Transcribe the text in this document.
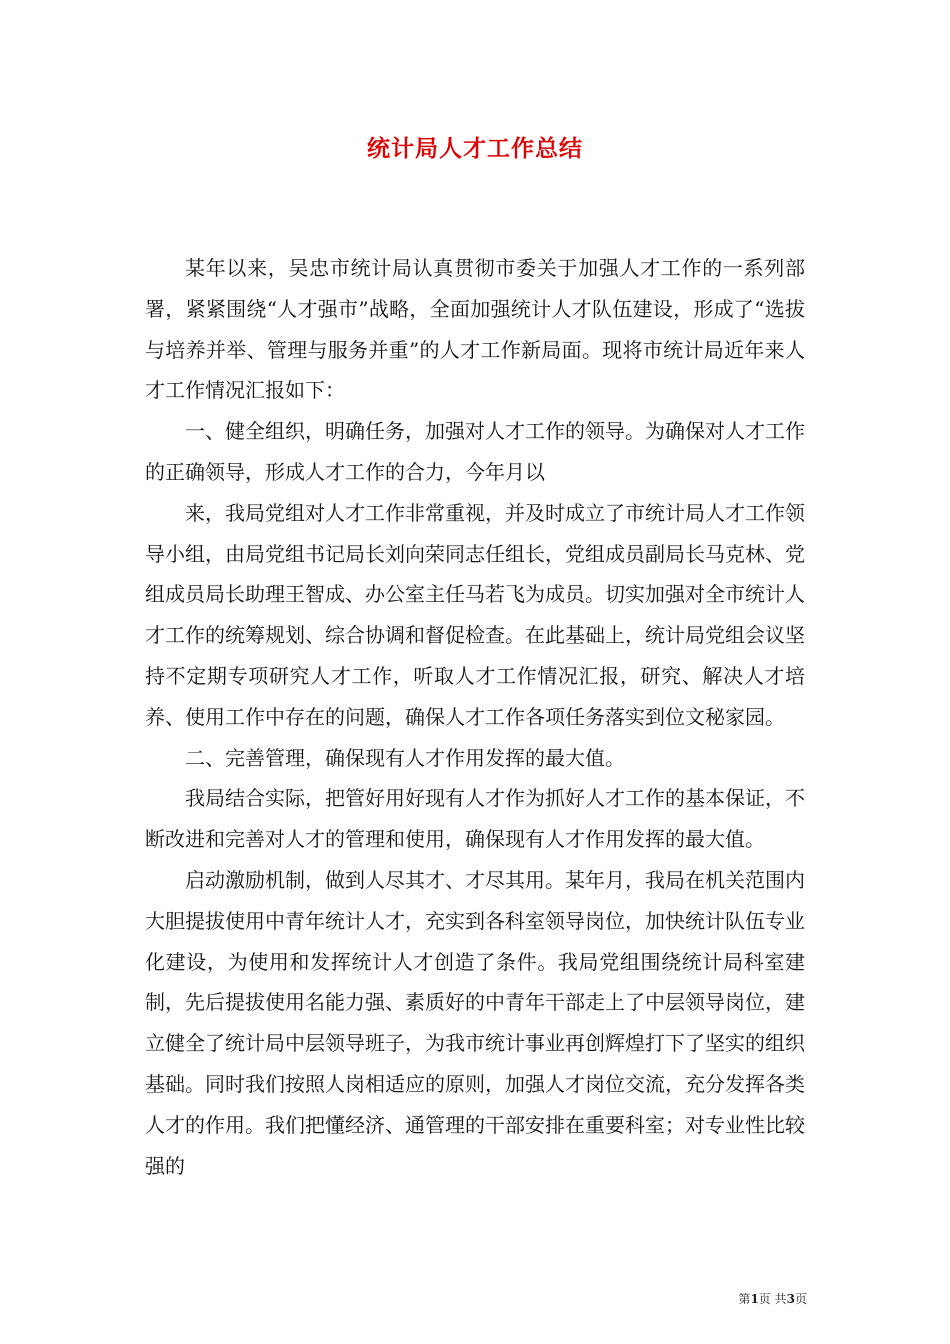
统计局人才工作总结

某年以来，吴忠市统计局认真贯彻市委关于加强人才工作的一系列部署，紧紧围绕“人才强市”战略，全面加强统计人才队伍建设，形成了“选拔与培养并举、管理与服务并重”的人才工作新局面。现将市统计局近年来人才工作情况汇报如下：

一、健全组织，明确任务，加强对人才工作的领导。为确保对人才工作的正确领导，形成人才工作的合力，今年月以

来，我局党组对人才工作非常重视，并及时成立了市统计局人才工作领导小组，由局党组书记局长刘向荣同志任组长，党组成员副局长马克林、党组成员局长助理王智成、办公室主任马若飞为成员。切实加强对全市统计人才工作的统筹规划、综合协调和督促检查。在此基础上，统计局党组会议坚持不定期专项研究人才工作，听取人才工作情况汇报，研究、解决人才培养、使用工作中存在的问题，确保人才工作各项任务落实到位文秘家园。

二、完善管理，确保现有人才作用发挥的最大值。

我局结合实际，把管好用好现有人才作为抓好人才工作的基本保证，不断改进和完善对人才的管理和使用，确保现有人才作用发挥的最大值。

启动激励机制，做到人尽其才、才尽其用。某年月，我局在机关范围内大胆提拔使用中青年统计人才，充实到各科室领导岗位，加快统计队伍专业化建设，为使用和发挥统计人才创造了条件。我局党组围绕统计局科室建制，先后提拔使用名能力强、素质好的中青年干部走上了中层领导岗位，建立健全了统计局中层领导班子，为我市统计事业再创辉煌打下了坚实的组织基础。同时我们按照人岗相适应的原则，加强人才岗位交流，充分发挥各类人才的作用。我们把懂经济、通管理的干部安排在重要科室；对专业性比较强的

第1页 共3页
